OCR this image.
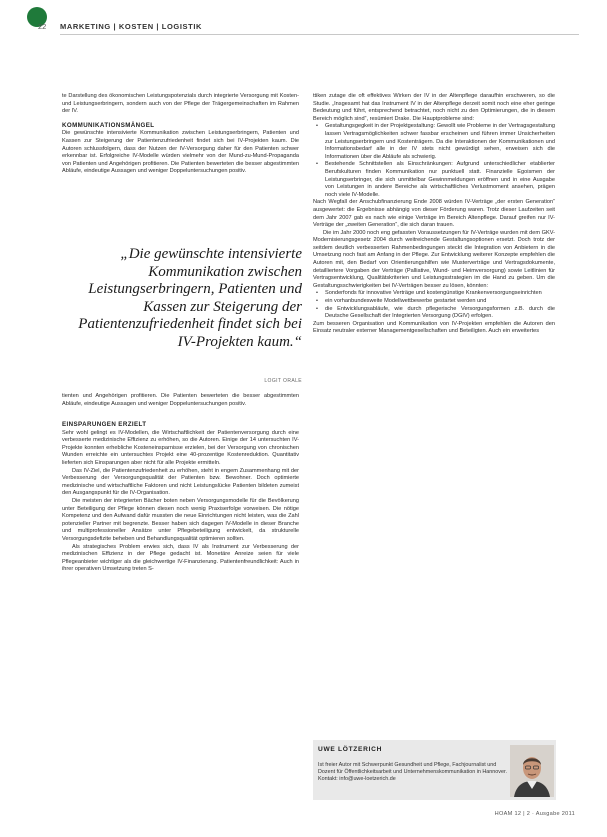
22 MARKETING | KOSTEN | LOGISTIK

te Darstellung des ökonomischen Leistungspotenzials durch integrierte Versorgung mit Kosten- und Leistungserbringern, sondern auch von der Pflege der Trägergemeinschaften im Rahmen der IV.

KOMMUNIKATIONSMÄNGEL

Die gewünschte intensivierte Kommunikation zwischen Leistungserbringern, Patienten und Kassen zur Steigerung der Patientenzufriedenheit findet sich bei IV-Projekten kaum. Die Autoren schlussfolgern, dass der Nutzen der IV-Versorgung daher für den Patienten schwer erkennbar ist. Erfolgreiche IV-Modelle würden vielmehr von der Mund-zu-Mund-Propaganda von Patienten und Angehörigen profitieren. Die Patienten bewerteten die besser abgestimmten Abläufe, eindeutige Aussagen und weniger Doppeluntersuchungen positiv.

„Die gewünschte intensivierte Kommunikation zwischen Leistungserbringern, Patienten und Kassen zur Steigerung der Patientenzufriedenheit findet sich bei IV-Projekten kaum.“
LOGIT ORALE

tienten und Angehörigen profitieren. Die Patienten bewerteten die besser abgestimmten Abläufe, eindeutige Aussagen und weniger Doppeluntersuchungen positiv.

EINSPARUNGEN ERZIELT

Sehr wohl gelingt es IV-Modellen, die Wirtschaftlichkeit der Patientenversorgung durch eine verbesserte medizinische Effizienz zu erhöhen, so die Autoren. Einige der 14 untersuchten IV-Projekte konnten erhebliche Kosteneinsparnisse erzielen, bei der Versorgung von chronischen Wunden erreichte ein untersuchtes Projekt eine 40-prozentige Kostenreduktion. Quantitativ lieferten sich Einsparungen aber nicht für alle Projekte ermitteln.

Das IV-Ziel, die Patientenzufriedenheit zu erhöhen, steht in engem Zusammenhang mit der Verbesserung der Versorgungsqualität der Patienten bzw. Bewohner. Doch optimierte medizinische und wirtschaftliche Faktoren und nicht Leistungslücke Patienten bildeten zumeist den Ausgangspunkt für die IV-Organisation.

Die meisten der integrierten Bächer boten neben Versorgungsmodelle für die Bevölkerung unter Beteiligung der Pflege können diesen noch wenig Praxiserfolge vorweisen. Die nötige Kompetenz und den Aufwand dafür mussten die neue Einrichtungen nicht leisten, was die Zahl potenzieller Partner mit begrenzte. Besser haben sich dagegen IV-Modelle in dieser Branche und multiprofessioneller Ansätze unter Pflegebeteiligung entwickelt, da strukturelle Versorgungsdefizite beheben und Behandlungsqualität optimieren sollten.

Als strategisches Problem erwies sich, dass IV als Instrument zur Verbesserung der medizinischen Effizienz in der Pflege gedacht ist. Monetäre Anreize seien für viele Pflegeanbieter wichtiger als die gleichwertige IV-Finanzierung. Patientenfreundlichkeit: Auch in ihrer operativen Umsetzung treten S-

ttiken zutage die oft effektives Wirken der IV in der Altenpflege daraufhin erschweren, so die Studie. „Insgesamt hat das Instrument IV in der Altenpflege derzeit somit noch eine eher geringe Bedeutung und führt, entsprechend betrachtet, noch nicht zu den Optimierungen, die in diesem Bereich möglich sind“, resümiert Drake. Die Hauptprobleme sind:

• Gestaltungsgegkeit in der Projektgestaltung: Gewollt wie Probleme in der Vertragsgestaltung lassen Vertragsmöglichkeiten schwer fassbar erscheinen und führen immer Unsicherheiten zur Leistungserbringern und Kostenträgern. Da die Interaktionen der Kommunikationen und Informationsbedarf alle in der IV stets nicht gewürdigt sehen, erweisen sich die Informationen über die Abläufe als schwierig.
• Bestehende Schnittstellen als Einschränkungen: Aufgrund unterschiedlicher etablierter Berufskulturen finden Kommunikation nur punktuell statt. Finanzielle Egoismen der Leistungserbringer, die sich unmittelbar Gewinnmeldungen eröffnen und in eine Ausgabe von Leistungen in andere Bereiche als wirtschaftliches Verlustmoment ansehen, prägen noch viele IV-Modelle.

Nach Wegfall der Anschubfinanzierung Ende 2008 würden IV-Verträge „der ersten Generation“ ausgewertet: die Ergebnisse abhängig von dieser Förderung waren. Trotz dieser Laufzeiten seit dem Jahr 2007 gab es nach wie einige Verträge im Bereich Altenpflege. Darauf greifen nur IV-Verträge der „zweiten Generation“, die sich daran trauen.

Die im Jahr 2000 noch eng gefassten Voraussetzungen für IV-Verträge wurden mit dem GKV-Modernisierungsgesetz 2004 durch weitreichende Gestaltungsoptionen ersetzt. Doch trotz der seitdem deutlich verbesserten Rahmenbedingungen steckt die Integration von Anbietern in die Umsetzung noch fast am Anfang in der Pflege. Zur Entwicklung weiterer Konzepte empfehlen die Autoren mit, den Bedarf von Orientierungshilfen wie Musterverträge und Vertragsdokumente, detailliertere Vorgaben der Verträge (Palliative, Wund- und Heimversorgung) sowie Leitlinien für Vertragsentwicklung, Qualitätskriterien und Leistungsstrategien im die Hand zu geben. Um die Gestaltungsschwierigkeiten bei IV-Verträgen besser zu lösen, könnten:

• Sonderfonds für innovative Verträge und kostengünstige Krankenversorgungseinrichten
• ein vorhanbundesweite Modellwettbewerbe gestartet werden und
• die Entwicklungsabläufe, wie durch pflegerische Versorgungsformen z.B. durch die Deutsche Gesellschaft der Integrierten Versorgung (DGIV) erfolgen.

Zum besseren Organisation und Kommunikation von IV-Projekten empfehlen die Autoren den Einsatz neutraler externer Managementgesellschaften und Beteiligten. Auch ein erweitertes

UWE LÖTZERICH
Ist freier Autor mit Schwerpunkt Gesundheit und Pflege, Fachjournalist und Dozent für Öffentlichkeitsarbeit und Unternehmenskommunikation in Hannover. Kontakt: info@uwe-loetzerich.de
HOAM 12 | 2 · Ausgabe 2011
